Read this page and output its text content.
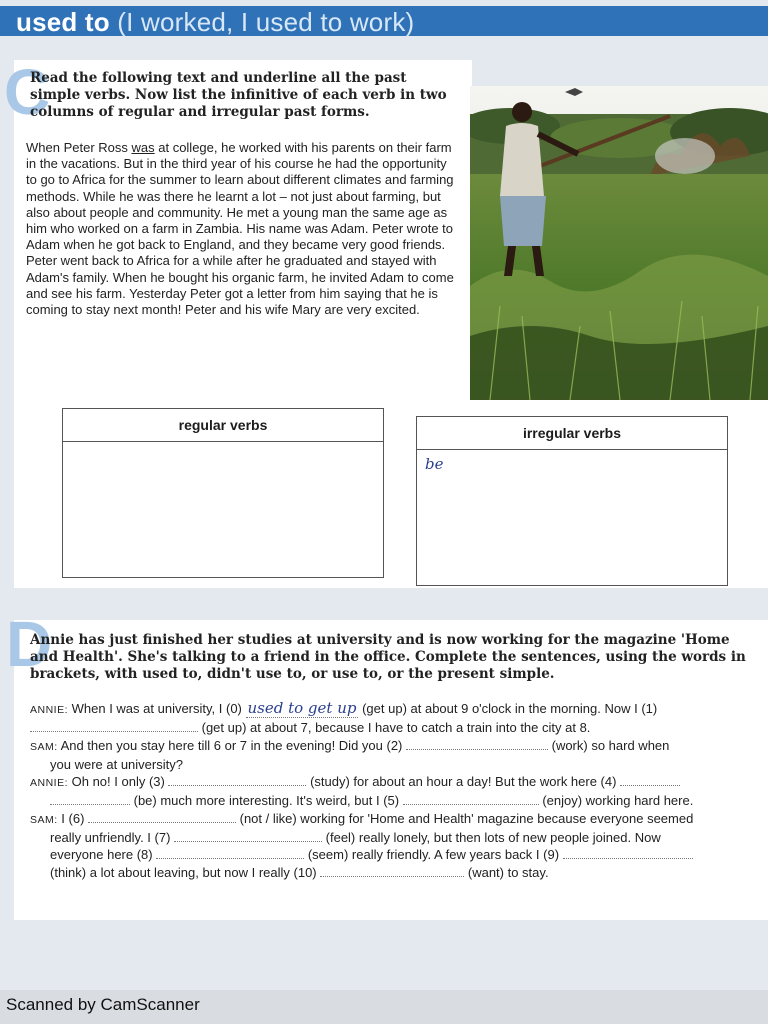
used to (I worked, I used to work)
C
Read the following text and underline all the past simple verbs. Now list the infinitive of each verb in two columns of regular and irregular past forms.
When Peter Ross was at college, he worked with his parents on their farm in the vacations. But in the third year of his course he had the opportunity to go to Africa for the summer to learn about different climates and farming methods. While he was there he learnt a lot – not just about farming, but also about people and community. He met a young man the same age as him who worked on a farm in Zambia. His name was Adam. Peter wrote to Adam when he got back to England, and they became very good friends. Peter went back to Africa for a while after he graduated and stayed with Adam's family. When he bought his organic farm, he invited Adam to come and see his farm. Yesterday Peter got a letter from him saying that he is coming to stay next month! Peter and his wife Mary are very excited.
regular verbs	irregular verbs
be
D
Annie has just finished her studies at university and is now working for the magazine 'Home and Health'. She's talking to a friend in the office. Complete the sentences, using the words in brackets, with used to, didn't use to, or use to, or the present simple.
ANNIE: When I was at university, I (0) used to get up (get up) at about 9 o'clock in the morning. Now I (1)
(get up) at about 7, because I have to catch a train into the city at 8.
SAM: And then you stay here till 6 or 7 in the evening! Did you (2)	(work) so hard when
you were at university?
ANNIE: Oh no! I only (3)	(study) for about an hour a day! But the work here (4)
(be) much more interesting. It's weird, but I (5)	(enjoy) working hard here.
SAM: I (6)	(not / like) working for 'Home and Health' magazine because everyone seemed
really unfriendly. I (7)	(feel) really lonely, but then lots of new people joined. Now
everyone here (8)	(seem) really friendly. A few years back I (9)
(think) a lot about leaving, but now I really (10)	(want) to stay.
Scanned by CamScanner
